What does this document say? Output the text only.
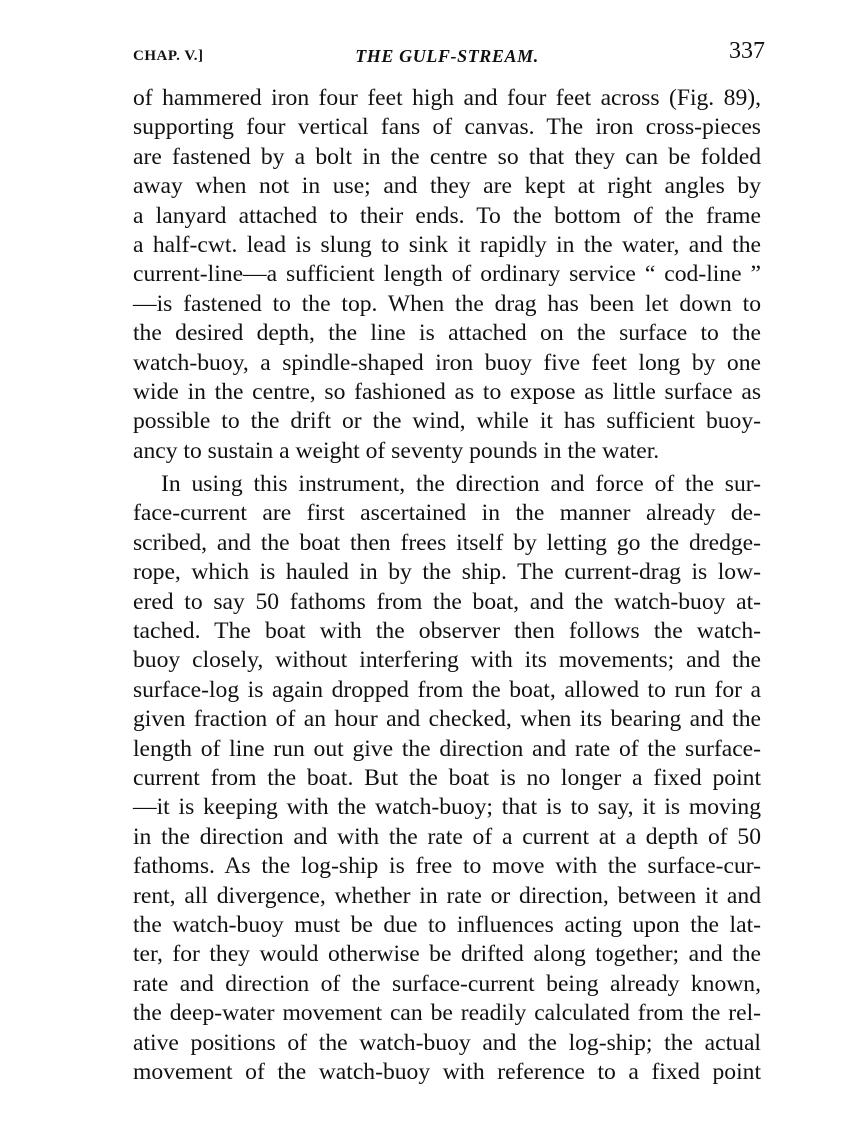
CHAP. V.]	THE GULF-STREAM.	337
of hammered iron four feet high and four feet across (Fig. 89),
supporting four vertical fans of canvas. The iron cross-pieces
are fastened by a bolt in the centre so that they can be folded
away when not in use; and they are kept at right angles by
a lanyard attached to their ends. To the bottom of the frame
a half-cwt. lead is slung to sink it rapidly in the water, and the
current-line—a sufficient length of ordinary service “ cod-line ”
—is fastened to the top. When the drag has been let down to
the desired depth, the line is attached on the surface to the
watch-buoy, a spindle-shaped iron buoy five feet long by one
wide in the centre, so fashioned as to expose as little surface as
possible to the drift or the wind, while it has sufficient buoy-
ancy to sustain a weight of seventy pounds in the water.
In using this instrument, the direction and force of the sur-
face-current are first ascertained in the manner already de-
scribed, and the boat then frees itself by letting go the dredge-
rope, which is hauled in by the ship. The current-drag is low-
ered to say 50 fathoms from the boat, and the watch-buoy at-
tached. The boat with the observer then follows the watch-
buoy closely, without interfering with its movements; and the
surface-log is again dropped from the boat, allowed to run for a
given fraction of an hour and checked, when its bearing and the
length of line run out give the direction and rate of the surface-
current from the boat. But the boat is no longer a fixed point
—it is keeping with the watch-buoy; that is to say, it is moving
in the direction and with the rate of a current at a depth of 50
fathoms. As the log-ship is free to move with the surface-cur-
rent, all divergence, whether in rate or direction, between it and
the watch-buoy must be due to influences acting upon the lat-
ter, for they would otherwise be drifted along together; and the
rate and direction of the surface-current being already known,
the deep-water movement can be readily calculated from the rel-
ative positions of the watch-buoy and the log-ship; the actual
movement of the watch-buoy with reference to a fixed point
